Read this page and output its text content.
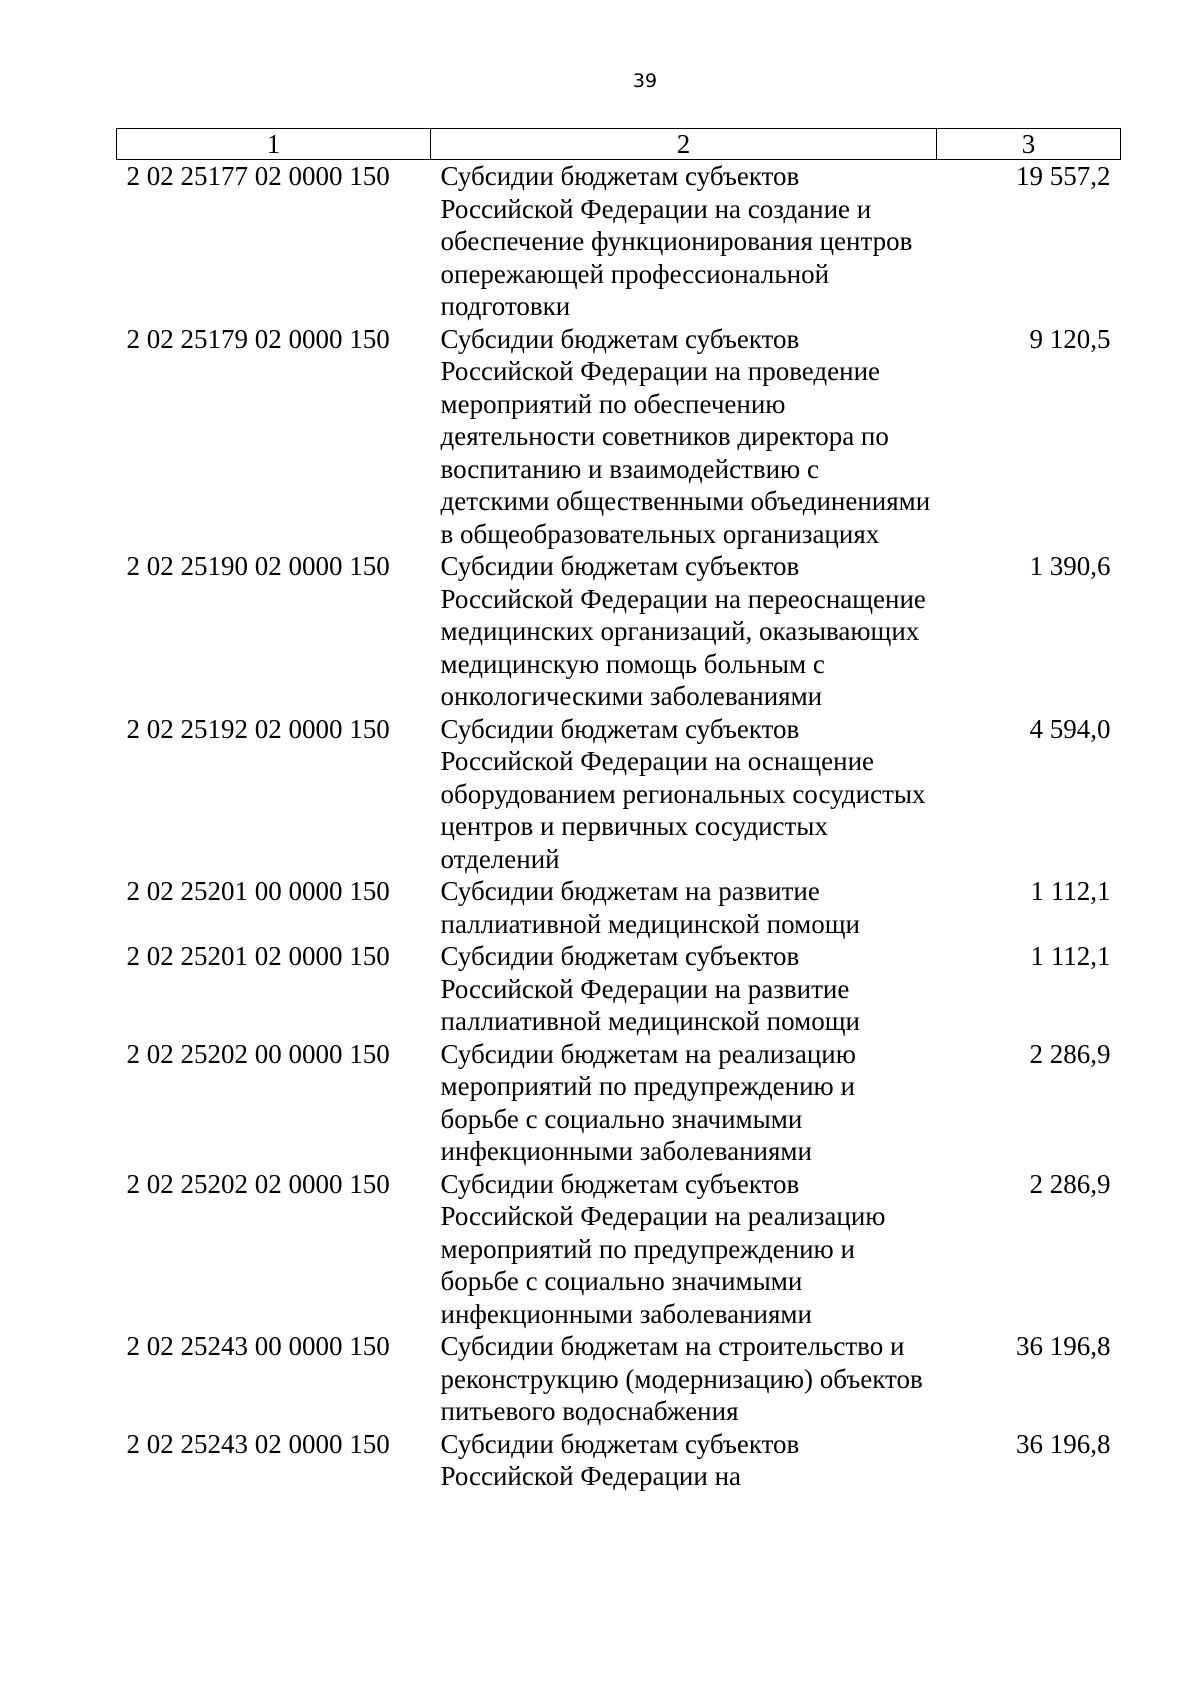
39
1	2	3
2 02 25177 02 0000 150	Субсидии бюджетам субъектов Российской Федерации на создание и обеспечение функционирования центров опережающей профессиональной подготовки	19 557,2
2 02 25179 02 0000 150	Субсидии бюджетам субъектов Российской Федерации на проведение мероприятий по обеспечению деятельности советников директора по воспитанию и взаимодействию с детскими общественными объединениями в общеобразовательных организациях	9 120,5
2 02 25190 02 0000 150	Субсидии бюджетам субъектов Российской Федерации на переоснащение медицинских организаций, оказывающих медицинскую помощь больным с онкологическими заболеваниями	1 390,6
2 02 25192 02 0000 150	Субсидии бюджетам субъектов Российской Федерации на оснащение оборудованием региональных сосудистых центров и первичных сосудистых отделений	4 594,0
2 02 25201 00 0000 150	Субсидии бюджетам на развитие паллиативной медицинской помощи	1 112,1
2 02 25201 02 0000 150	Субсидии бюджетам субъектов Российской Федерации на развитие паллиативной медицинской помощи	1 112,1
2 02 25202 00 0000 150	Субсидии бюджетам на реализацию мероприятий по предупреждению и борьбе с социально значимыми инфекционными заболеваниями	2 286,9
2 02 25202 02 0000 150	Субсидии бюджетам субъектов Российской Федерации на реализацию мероприятий по предупреждению и борьбе с социально значимыми инфекционными заболеваниями	2 286,9
2 02 25243 00 0000 150	Субсидии бюджетам на строительство и реконструкцию (модернизацию) объектов питьевого водоснабжения	36 196,8
2 02 25243 02 0000 150	Субсидии бюджетам субъектов Российской Федерации на	36 196,8
